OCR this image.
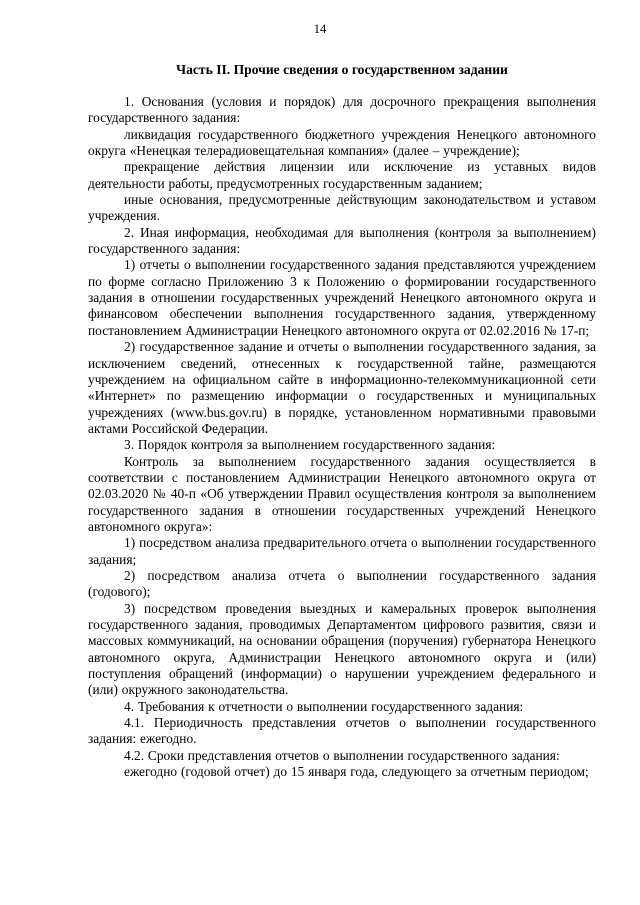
14
Часть II. Прочие сведения о государственном задании

1. Основания (условия и порядок) для досрочного прекращения выполнения государственного задания:

ликвидация государственного бюджетного учреждения Ненецкого автономного округа «Ненецкая телерадиовещательная компания» (далее – учреждение);

прекращение действия лицензии или исключение из уставных видов деятельности работы, предусмотренных государственным заданием;

иные основания, предусмотренные действующим законодательством и уставом учреждения.

2. Иная информация, необходимая для выполнения (контроля за выполнением) государственного задания:

1) отчеты о выполнении государственного задания представляются учреждением по форме согласно Приложению 3 к Положению о формировании государственного задания в отношении государственных учреждений Ненецкого автономного округа и финансовом обеспечении выполнения государственного задания, утвержденному постановлением Администрации Ненецкого автономного округа от 02.02.2016 № 17-п;

2) государственное задание и отчеты о выполнении государственного задания, за исключением сведений, отнесенных к государственной тайне, размещаются учреждением на официальном сайте в информационно-телекоммуникационной сети «Интернет» по размещению информации о государственных и муниципальных учреждениях (www.bus.gov.ru) в порядке, установленном нормативными правовыми актами Российской Федерации.

3. Порядок контроля за выполнением государственного задания:

Контроль за выполнением государственного задания осуществляется в соответствии с постановлением Администрации Ненецкого автономного округа от 02.03.2020 № 40-п «Об утверждении Правил осуществления контроля за выполнением государственного задания в отношении государственных учреждений Ненецкого автономного округа»:

1) посредством анализа предварительного отчета о выполнении государственного задания;

2) посредством анализа отчета о выполнении государственного задания (годового);

3) посредством проведения выездных и камеральных проверок выполнения государственного задания, проводимых Департаментом цифрового развития, связи и массовых коммуникаций, на основании обращения (поручения) губернатора Ненецкого автономного округа, Администрации Ненецкого автономного округа и (или) поступления обращений (информации) о нарушении учреждением федерального и (или) окружного законодательства.

4. Требования к отчетности о выполнении государственного задания:

4.1. Периодичность представления отчетов о выполнении государственного задания: ежегодно.

4.2. Сроки представления отчетов о выполнении государственного задания:

ежегодно (годовой отчет) до 15 января года, следующего за отчетным периодом;
